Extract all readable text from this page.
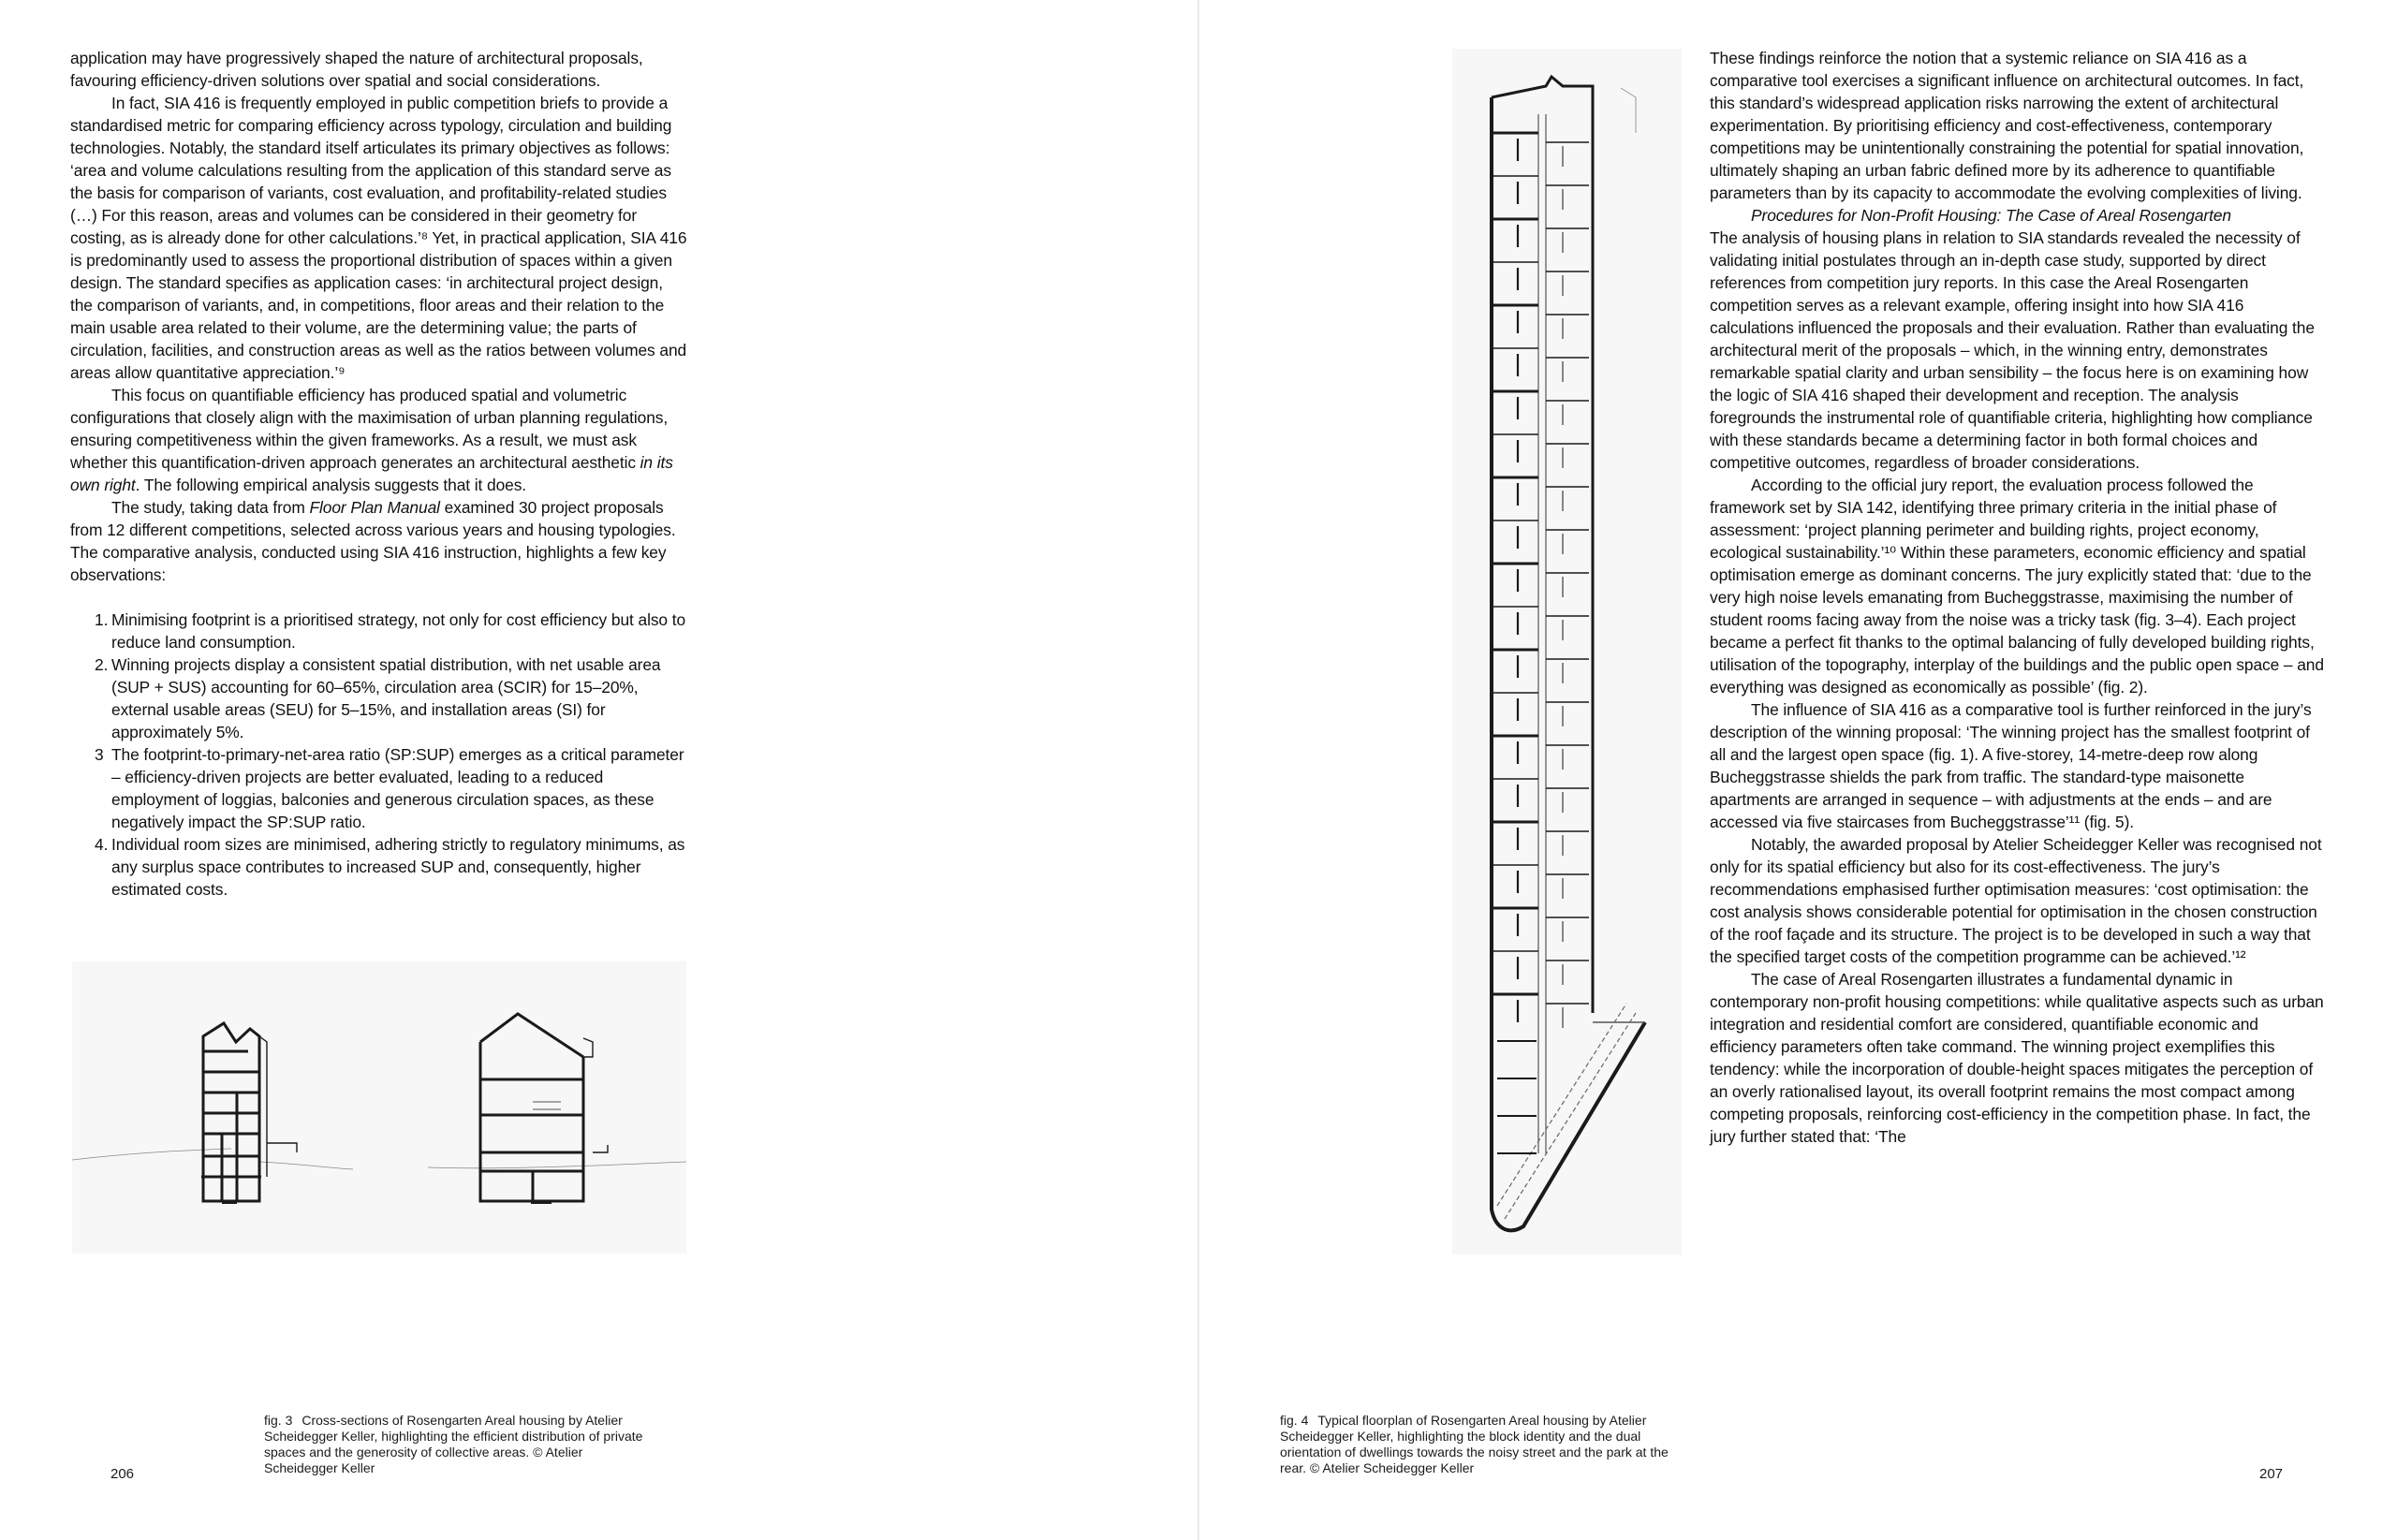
application may have progressively shaped the nature of architectural proposals, favouring efficiency-driven solutions over spatial and social considerations.

In fact, SIA 416 is frequently employed in public competition briefs to provide a standardised metric for comparing efficiency across typology, circulation and building technologies. Notably, the standard itself articulates its primary objectives as follows: ‘area and volume calculations resulting from the application of this standard serve as the basis for comparison of variants, cost evaluation, and profitability-related studies (…) For this reason, areas and volumes can be considered in their geometry for costing, as is already done for other calculations.’⁸ Yet, in practical application, SIA 416 is predominantly used to assess the proportional distribution of spaces within a given design. The standard specifies as application cases: ‘in architectural project design, the comparison of variants, and, in competitions, floor areas and their relation to the main usable area related to their volume, are the determining value; the parts of circulation, facilities, and construction areas as well as the ratios between volumes and areas allow quantitative appreciation.’⁹

This focus on quantifiable efficiency has produced spatial and volumetric configurations that closely align with the maximisation of urban planning regulations, ensuring competitiveness within the given frameworks. As a result, we must ask whether this quantification-driven approach generates an architectural aesthetic in its own right. The following empirical analysis suggests that it does.

The study, taking data from Floor Plan Manual examined 30 project proposals from 12 different competitions, selected across various years and housing typologies. The comparative analysis, conducted using SIA 416 instruction, highlights a few key observations:

1. Minimising footprint is a prioritised strategy, not only for cost efficiency but also to reduce land consumption.
2. Winning projects display a consistent spatial distribution, with net usable area (SUP + SUS) accounting for 60–65%, circulation area (SCIR) for 15–20%, external usable areas (SEU) for 5–15%, and installation areas (SI) for approximately 5%.
3 The footprint-to-primary-net-area ratio (SP:SUP) emerges as a critical parameter – efficiency-driven projects are better evaluated, leading to a reduced employment of loggias, balconies and generous circulation spaces, as these negatively impact the SP:SUP ratio.
4. Individual room sizes are minimised, adhering strictly to regulatory minimums, as any surplus space contributes to increased SUP and, consequently, higher estimated costs.
fig. 3 Cross-sections of Rosengarten Areal housing by Atelier Scheidegger Keller, highlighting the efficient distribution of private spaces and the generosity of collective areas. © Atelier Scheidegger Keller
206

These findings reinforce the notion that a systemic reliance on SIA 416 as a comparative tool exercises a significant influence on architectural outcomes. In fact, this standard’s widespread application risks narrowing the extent of architectural experimentation. By prioritising efficiency and cost-effectiveness, contemporary competitions may be unintentionally constraining the potential for spatial innovation, ultimately shaping an urban fabric defined more by its adherence to quantifiable parameters than by its capacity to accommodate the evolving complexities of living.

Procedures for Non-Profit Housing: The Case of Areal Rosengarten

The analysis of housing plans in relation to SIA standards revealed the necessity of validating initial postulates through an in-depth case study, supported by direct references from competition jury reports. In this case the Areal Rosengarten competition serves as a relevant example, offering insight into how SIA 416 calculations influenced the proposals and their evaluation. Rather than evaluating the architectural merit of the proposals – which, in the winning entry, demonstrates remarkable spatial clarity and urban sensibility – the focus here is on examining how the logic of SIA 416 shaped their development and reception. The analysis foregrounds the instrumental role of quantifiable criteria, highlighting how compliance with these standards became a determining factor in both formal choices and competitive outcomes, regardless of broader considerations.

According to the official jury report, the evaluation process followed the framework set by SIA 142, identifying three primary criteria in the initial phase of assessment: ‘project planning perimeter and building rights, project economy, ecological sustainability.’¹⁰ Within these parameters, economic efficiency and spatial optimisation emerge as dominant concerns. The jury explicitly stated that: ‘due to the very high noise levels emanating from Bucheggstrasse, maximising the number of student rooms facing away from the noise was a tricky task (fig. 3–4). Each project became a perfect fit thanks to the optimal balancing of fully developed building rights, utilisation of the topography, interplay of the buildings and the public open space – and everything was designed as economically as possible’ (fig. 2).

The influence of SIA 416 as a comparative tool is further reinforced in the jury’s description of the winning proposal: ‘The winning project has the smallest footprint of all and the largest open space (fig. 1). A five-storey, 14-metre-deep row along Bucheggstrasse shields the park from traffic. The standard-type maisonette apartments are arranged in sequence – with adjustments at the ends – and are accessed via five staircases from Bucheggstrasse’¹¹ (fig. 5).

Notably, the awarded proposal by Atelier Scheidegger Keller was recognised not only for its spatial efficiency but also for its cost-effectiveness. The jury’s recommendations emphasised further optimisation measures: ‘cost optimisation: the cost analysis shows considerable potential for optimisation in the chosen construction of the roof façade and its structure. The project is to be developed in such a way that the specified target costs of the competition programme can be achieved.’¹²

The case of Areal Rosengarten illustrates a fundamental dynamic in contemporary non-profit housing competitions: while qualitative aspects such as urban integration and residential comfort are considered, quantifiable economic and efficiency parameters often take command. The winning project exemplifies this tendency: while the incorporation of double-height spaces mitigates the perception of an overly rationalised layout, its overall footprint remains the most compact among competing proposals, reinforcing cost-efficiency in the competition phase. In fact, the jury further stated that: ‘The

fig. 4 Typical floorplan of Rosengarten Areal housing by Atelier Scheidegger Keller, highlighting the block identity and the dual orientation of dwellings towards the noisy street and the park at the rear. © Atelier Scheidegger Keller	207
